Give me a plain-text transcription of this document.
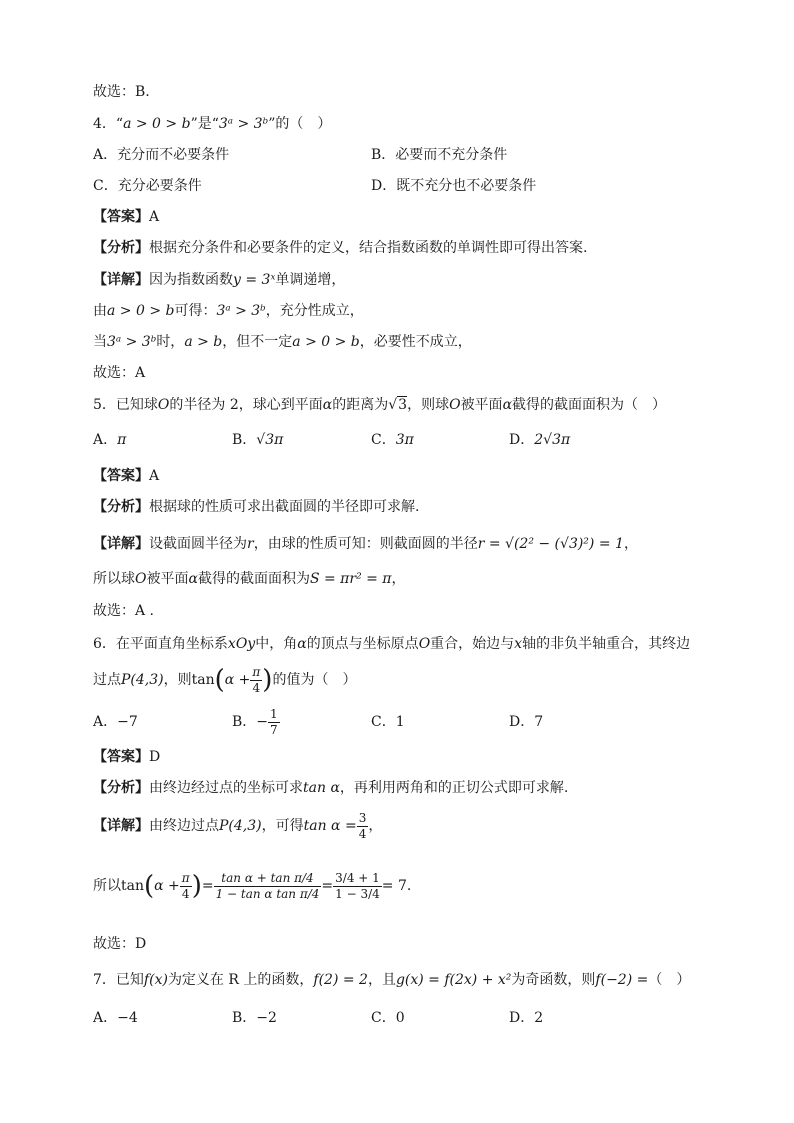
故选：B.
4．“a > 0 > b”是“3ᵃ > 3ᵇ”的（　）
A．充分而不必要条件	B．必要而不充分条件
C．充分必要条件	D．既不充分也不必要条件
【答案】A
【分析】根据充分条件和必要条件的定义，结合指数函数的单调性即可得出答案.
【详解】因为指数函数y = 3ˣ单调递增，
由a > 0 > b可得：3ᵃ > 3ᵇ，充分性成立，
当3ᵃ > 3ᵇ时，a > b，但不一定a > 0 > b，必要性不成立，
故选：A
5．已知球O的半径为 2，球心到平面α的距离为√3，则球O被平面α截得的截面面积为（　）
A．π	B．√3π	C．3π	D．2√3π
【答案】A
【分析】根据球的性质可求出截面圆的半径即可求解.
【详解】设截面圆半径为r，由球的性质可知：则截面圆的半径r = √(2² − (√3)²) = 1，
所以球O被平面α截得的截面面积为S = πr² = π，
故选：A .
6．在平面直角坐标系xOy中，角α的顶点与坐标原点O重合，始边与x轴的非负半轴重合，其终边
过点P(4,3)，则$\tan(\alpha + \frac{\pi}{4}$ )的值为（　）
A．−7	B．− $\frac{1}{7}$	C．1	D．7
【答案】D
【分析】由终边经过点的坐标可求tan α，再利用两角和的正切公式即可求解.
【详解】由终边过点P(4,3)，可得$\tan \alpha = \frac{3}{4}$ ，
所以$\tan(\alpha + \frac{\pi}{4}$ )= $\frac{\text{tan α + tan π/4}}{\text{1 − tan α tan π/4}} = \frac{3/4 + 1}{1 - 3/4} = 7$.
故选：D
7．已知f(x)为定义在 R 上的函数，f(2) = 2，且g(x) = f(2x) + x²为奇函数，则f(−2) =（　）
A．−4	B．−2	C．0	D．2
